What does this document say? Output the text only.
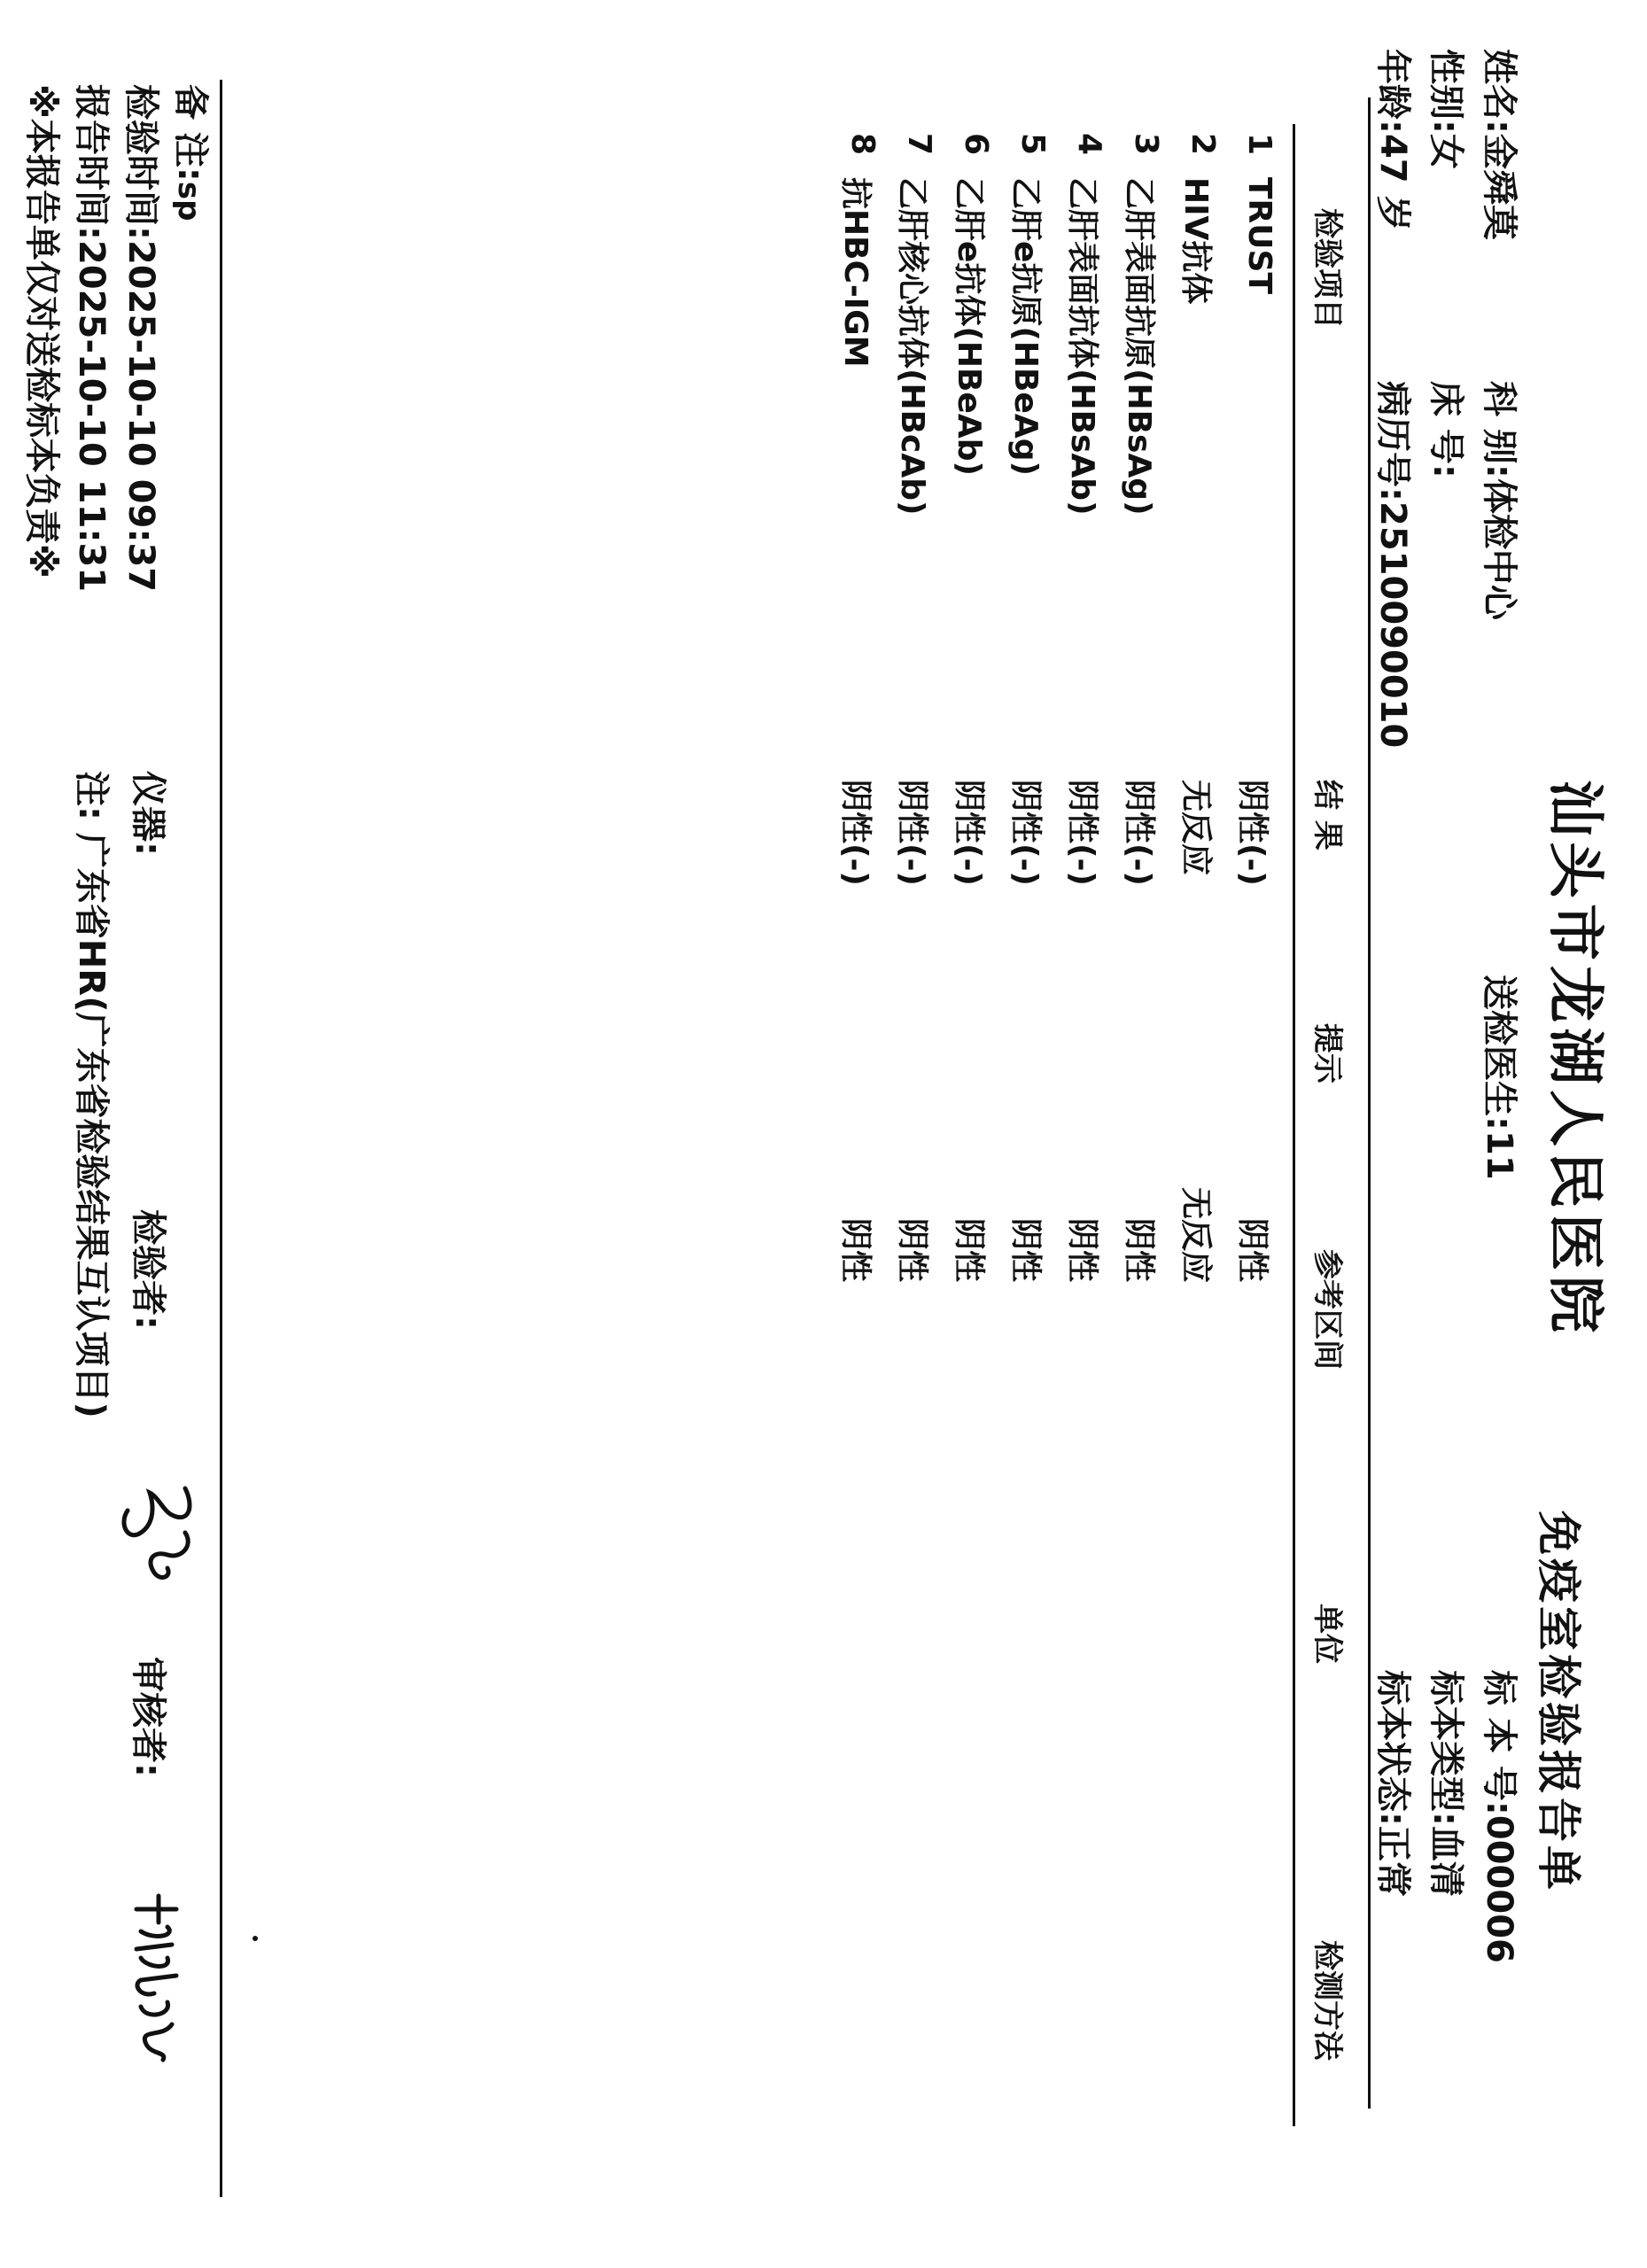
汕头市龙湖人民医院
免疫室检验报告单
姓名:金舜莫
性别:女
年龄:47 岁
科 别:体检中心
床 号:
病历号:2510090010
送检医生:11
标 本 号:000006
标本类型:血清
标本状态:正常
检验项目
结 果
提示
参考区间
单位
检测方法
1
TRUST
阴性(-)
阴性
2
HIV抗体
无反应
无反应
3
乙肝表面抗原(HBsAg)
阴性(-)
阴性
4
乙肝表面抗体(HBsAb)
阴性(-)
阴性
5
乙肝e抗原(HBeAg)
阴性(-)
阴性
6
乙肝e抗体(HBeAb)
阴性(-)
阴性
7
乙肝核心抗体(HBcAb)
阴性(-)
阴性
8
抗HBC-IGM
阴性(-)
阴性
备 注:sp
仪器:
检验者:
审核者:
检验时间:2025-10-10 09:37
报告时间:2025-10-10 11:31
注: 广东省HR(广东省检验结果互认项目)
※本报告单仅对送检标本负责※
